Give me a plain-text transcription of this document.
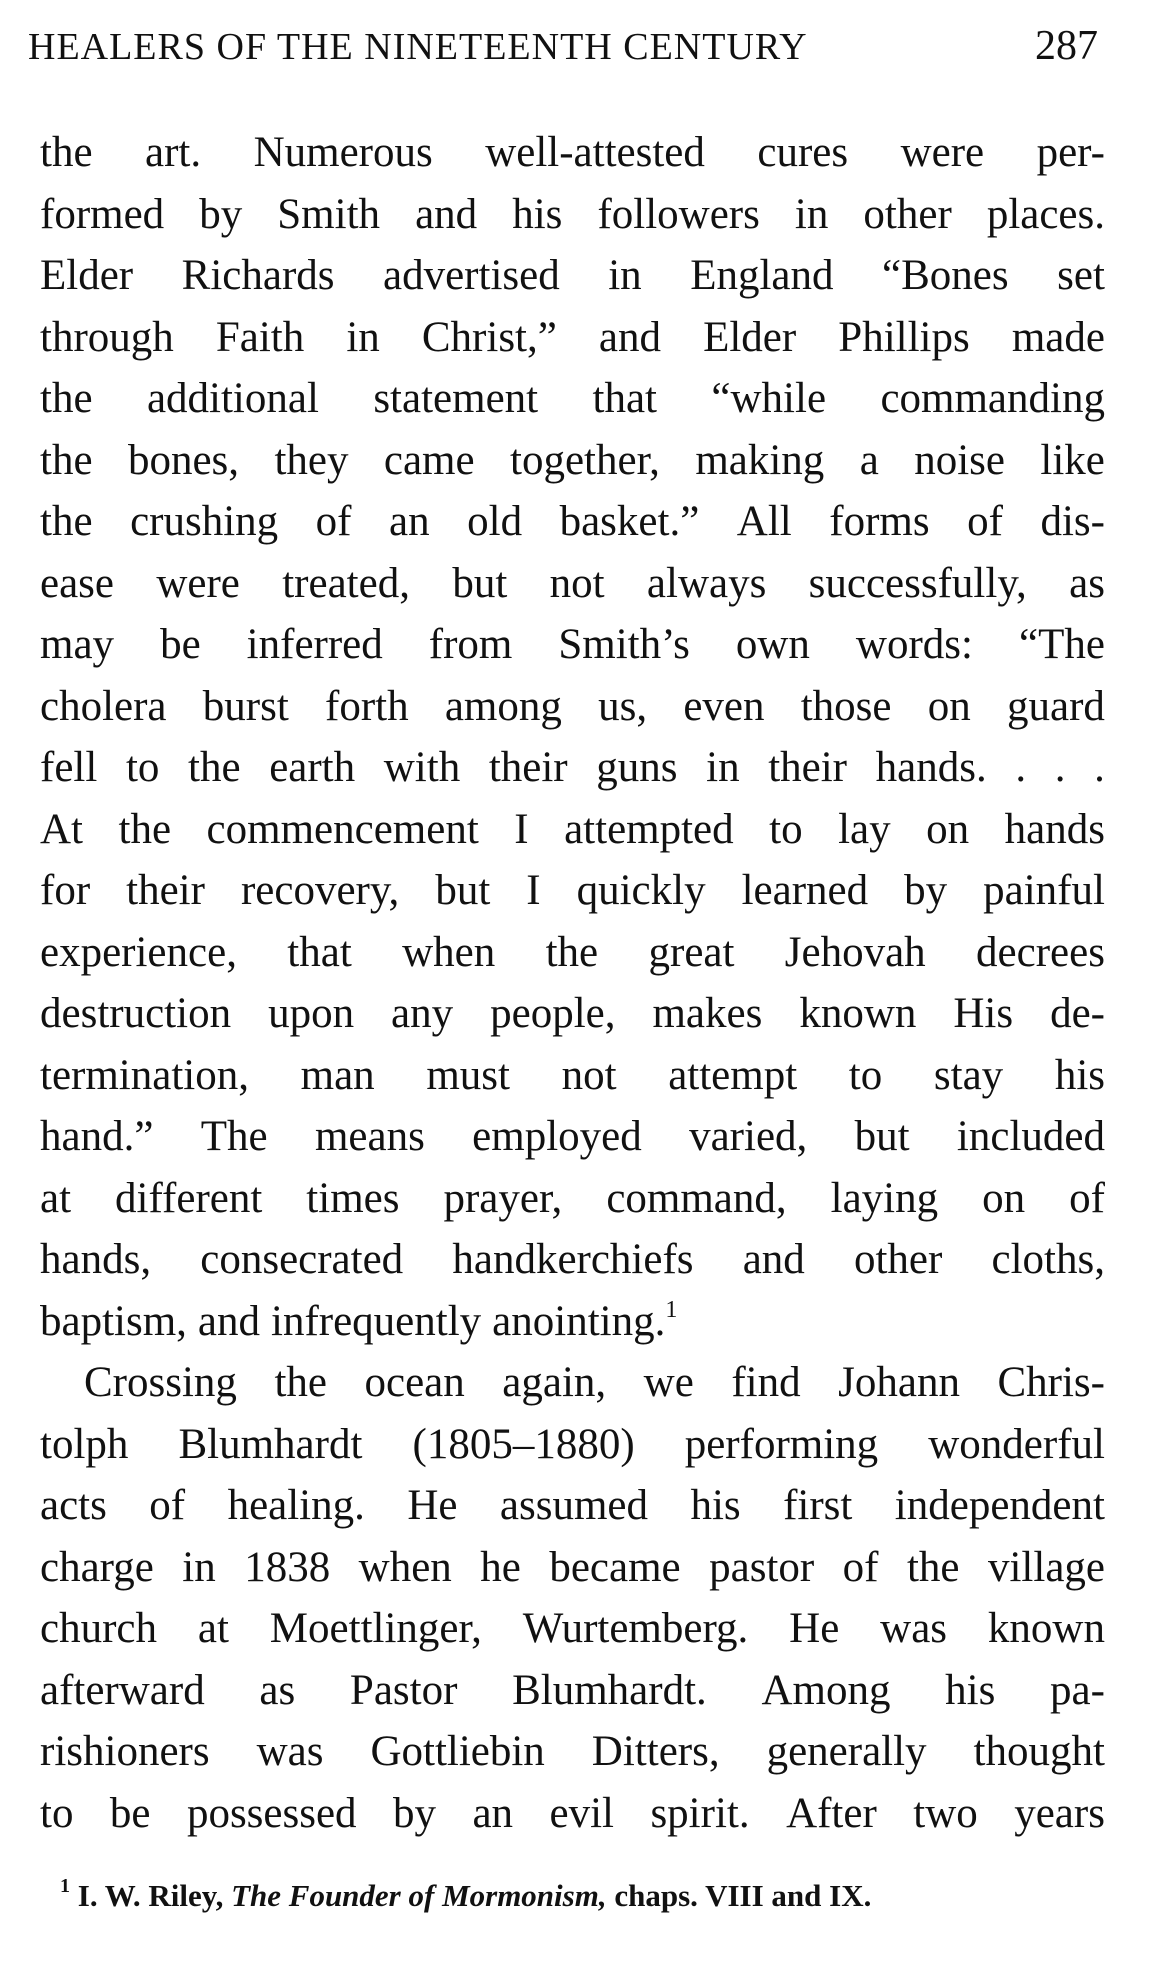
HEALERS OF THE NINETEENTH CENTURY	287
the art. Numerous well-attested cures were per-
formed by Smith and his followers in other places.
Elder Richards advertised in England “Bones set
through Faith in Christ,” and Elder Phillips made
the additional statement that “while commanding
the bones, they came together, making a noise like
the crushing of an old basket.” All forms of dis-
ease were treated, but not always successfully, as
may be inferred from Smith’s own words: “The
cholera burst forth among us, even those on guard
fell to the earth with their guns in their hands. . . .
At the commencement I attempted to lay on hands
for their recovery, but I quickly learned by painful
experience, that when the great Jehovah decrees
destruction upon any people, makes known His de-
termination, man must not attempt to stay his
hand.” The means employed varied, but included
at different times prayer, command, laying on of
hands, consecrated handkerchiefs and other cloths,
baptism, and infrequently anointing.$^1$
Crossing the ocean again, we find Johann Chris-
tolph Blumhardt (1805–1880) performing wonderful
acts of healing. He assumed his first independent
charge in 1838 when he became pastor of the village
church at Moettlinger, Wurtemberg. He was known
afterward as Pastor Blumhardt. Among his pa-
rishioners was Gottliebin Ditters, generally thought
to be possessed by an evil spirit. After two years
$^1$ I. W. Riley, The Founder of Mormonism, chaps. VIII and IX.
